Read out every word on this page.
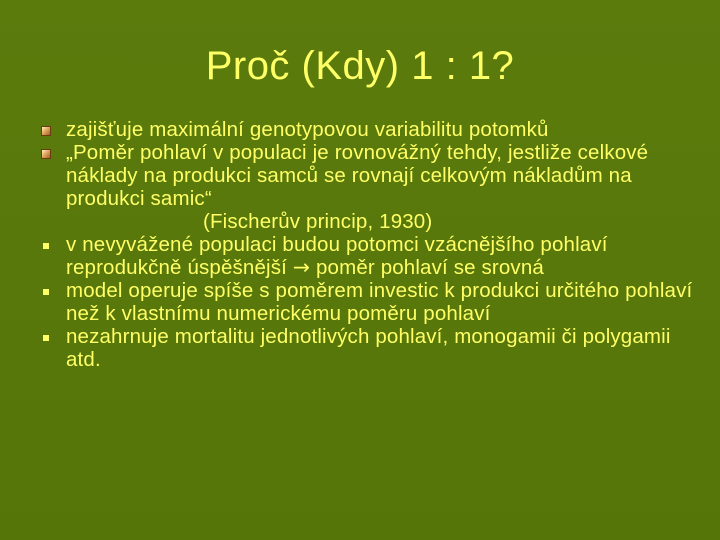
Proč (Kdy) 1 : 1?
zajišťuje maximální genotypovou variabilitu potomků
„Poměr pohlaví v populaci je rovnovážný tehdy, jestliže celkové náklady na produkci samců se rovnají celkovým nákladům na produkci samic“
(Fischerův princip, 1930)
v nevyvážené populaci budou potomci vzácnějšího pohlaví reprodukčně úspěšnější → poměr pohlaví se srovná
model operuje spíše s poměrem investic k produkci určitého pohlaví než k vlastnímu numerickému poměru pohlaví
nezahrnuje mortalitu jednotlivých pohlaví, monogamii či polygamii atd.
